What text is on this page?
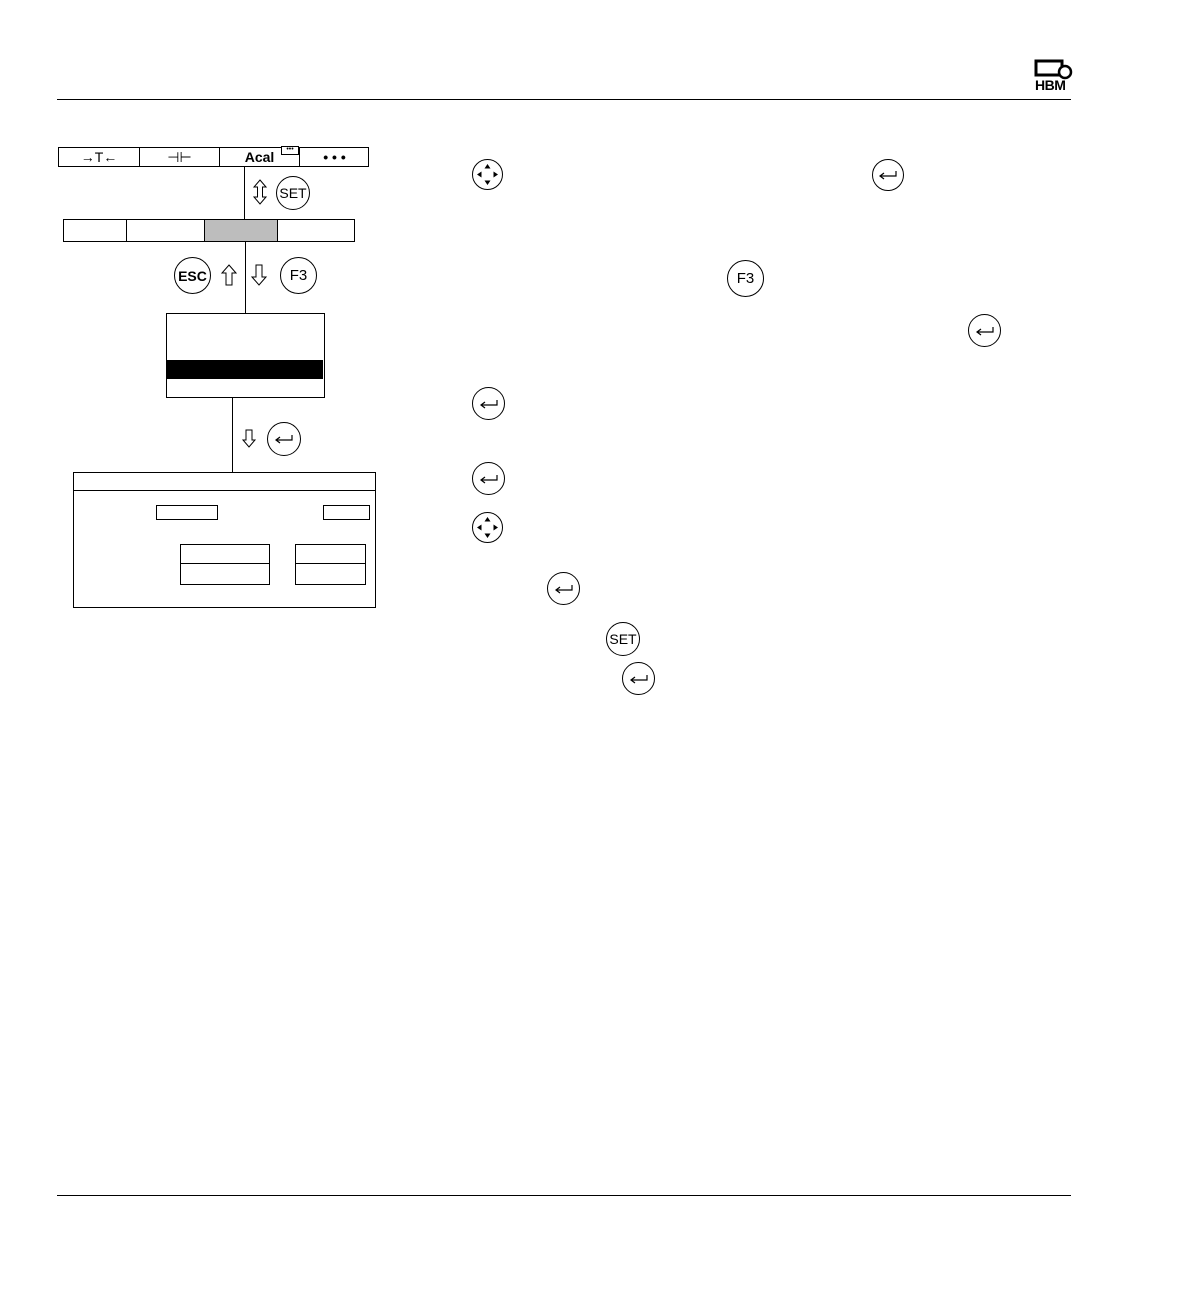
HBM
→T←	⊣⊢	Acal	•••	• • •
SET
ESC	F3	F3
SET
